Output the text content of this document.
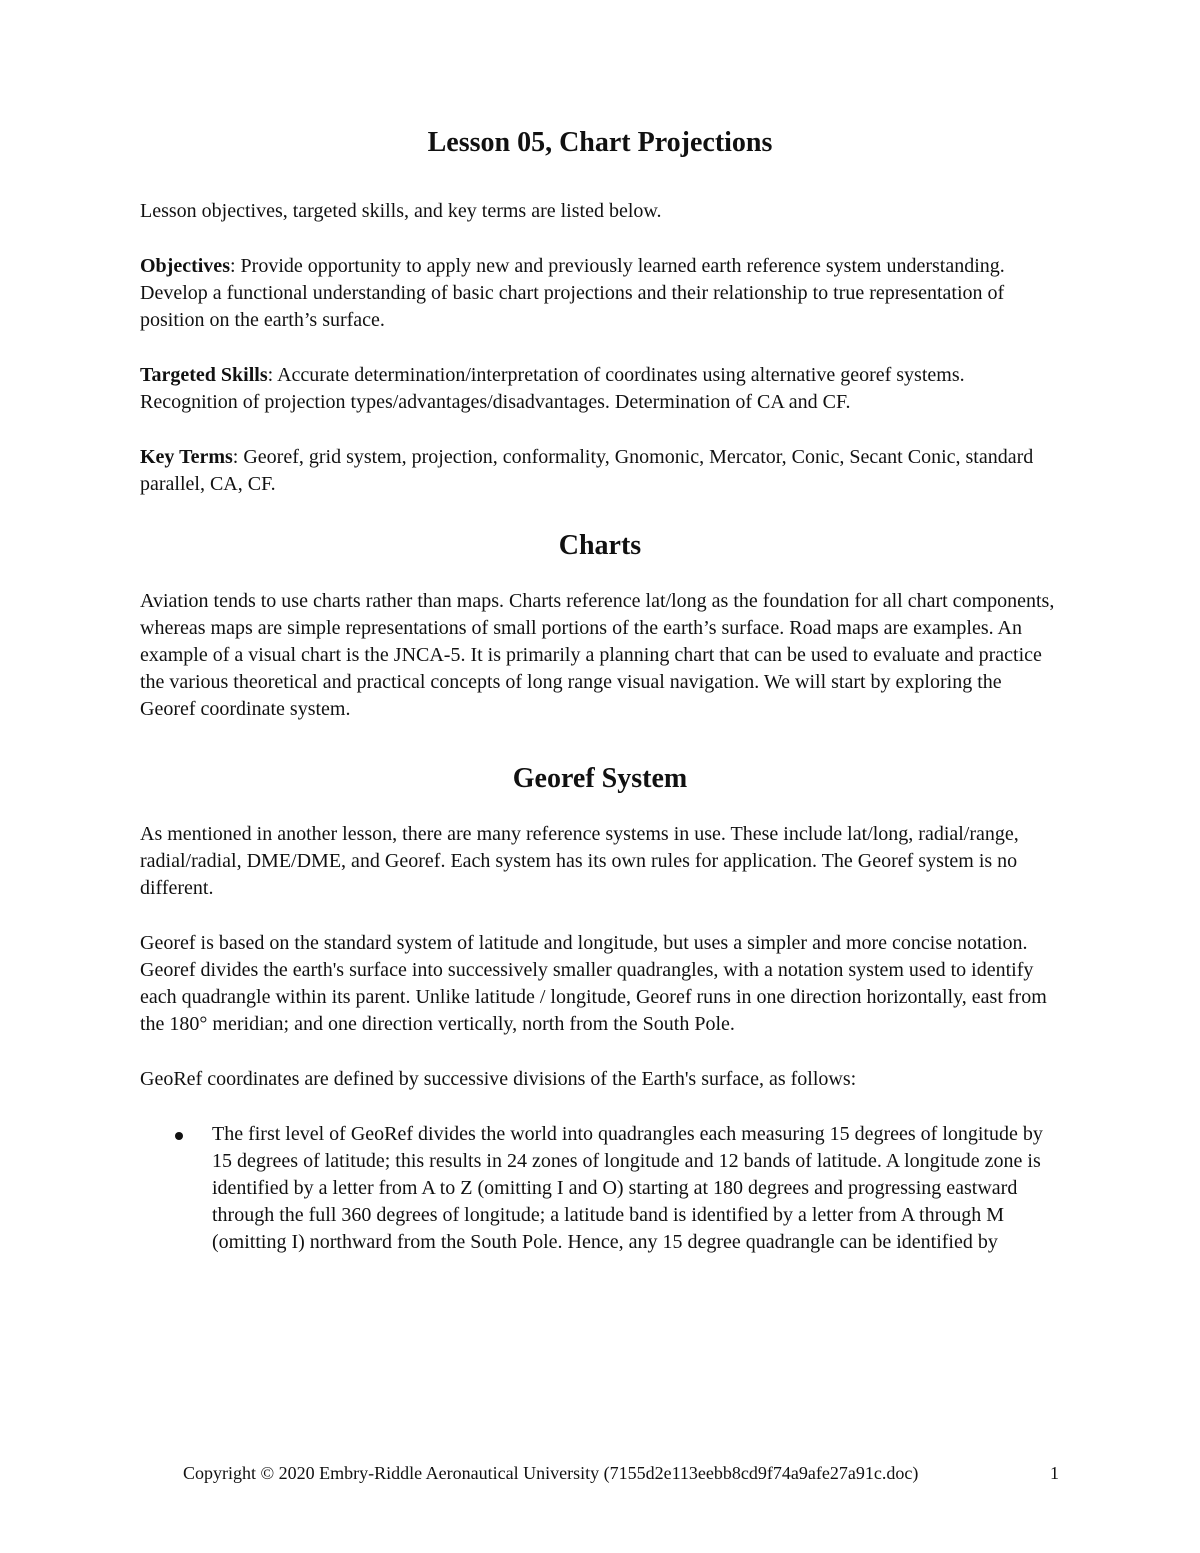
Lesson 05, Chart Projections

Lesson objectives, targeted skills, and key terms are listed below.

Objectives: Provide opportunity to apply new and previously learned earth reference system understanding. Develop a functional understanding of basic chart projections and their relationship to true representation of position on the earth’s surface.

Targeted Skills: Accurate determination/interpretation of coordinates using alternative georef systems. Recognition of projection types/advantages/disadvantages. Determination of CA and CF.

Key Terms: Georef, grid system, projection, conformality, Gnomonic, Mercator, Conic, Secant Conic, standard parallel, CA, CF.

Charts

Aviation tends to use charts rather than maps. Charts reference lat/long as the foundation for all chart components, whereas maps are simple representations of small portions of the earth’s surface. Road maps are examples. An example of a visual chart is the JNCA-5. It is primarily a planning chart that can be used to evaluate and practice the various theoretical and practical concepts of long range visual navigation. We will start by exploring the Georef coordinate system.

Georef System

As mentioned in another lesson, there are many reference systems in use. These include lat/long, radial/range, radial/radial, DME/DME, and Georef. Each system has its own rules for application. The Georef system is no different.

Georef is based on the standard system of latitude and longitude, but uses a simpler and more concise notation. Georef divides the earth's surface into successively smaller quadrangles, with a notation system used to identify each quadrangle within its parent. Unlike latitude / longitude, Georef runs in one direction horizontally, east from the 180° meridian; and one direction vertically, north from the South Pole.

GeoRef coordinates are defined by successive divisions of the Earth's surface, as follows:

The first level of GeoRef divides the world into quadrangles each measuring 15 degrees of longitude by 15 degrees of latitude; this results in 24 zones of longitude and 12 bands of latitude. A longitude zone is identified by a letter from A to Z (omitting I and O) starting at 180 degrees and progressing eastward through the full 360 degrees of longitude; a latitude band is identified by a letter from A through M (omitting I) northward from the South Pole. Hence, any 15 degree quadrangle can be identified by
Copyright © 2020 Embry-Riddle Aeronautical University (7155d2e113eebb8cd9f74a9afe27a91c.doc)	1
